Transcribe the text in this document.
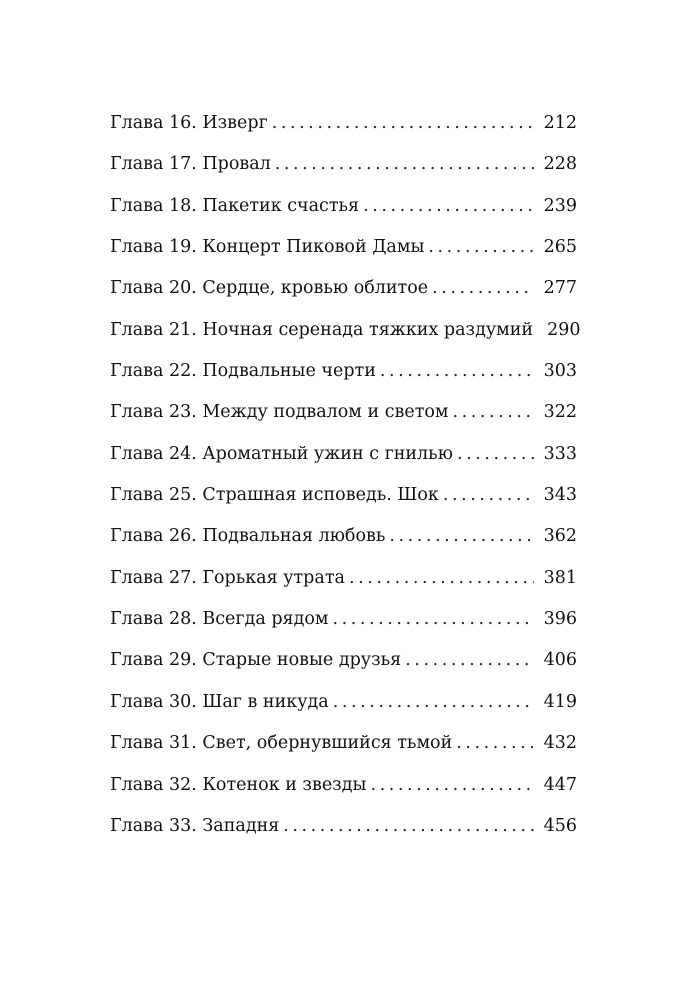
Глава 16. Изверг . . .	212
Глава 17. Провал . . .	228
Глава 18. Пакетик счастья . . .	239
Глава 19. Концерт Пиковой Дамы . . .	265
Глава 20. Сердце, кровью облитое . . .	277
Глава 21. Ночная серенада тяжких раздумий 290
Глава 22. Подвальные черти . . .	303
Глава 23. Между подвалом и светом . . .	322
Глава 24. Ароматный ужин с гнилью . . .	333
Глава 25. Страшная исповедь. Шок . . .	343
Глава 26. Подвальная любовь . . .	362
Глава 27. Горькая утрата . . .	381
Глава 28. Всегда рядом . . .	396
Глава 29. Старые новые друзья . . .	406
Глава 30. Шаг в никуда . . .	419
Глава 31. Свет, обернувшийся тьмой . . .	432
Глава 32. Котенок и звезды . . .	447
Глава 33. Западня . . .	456
